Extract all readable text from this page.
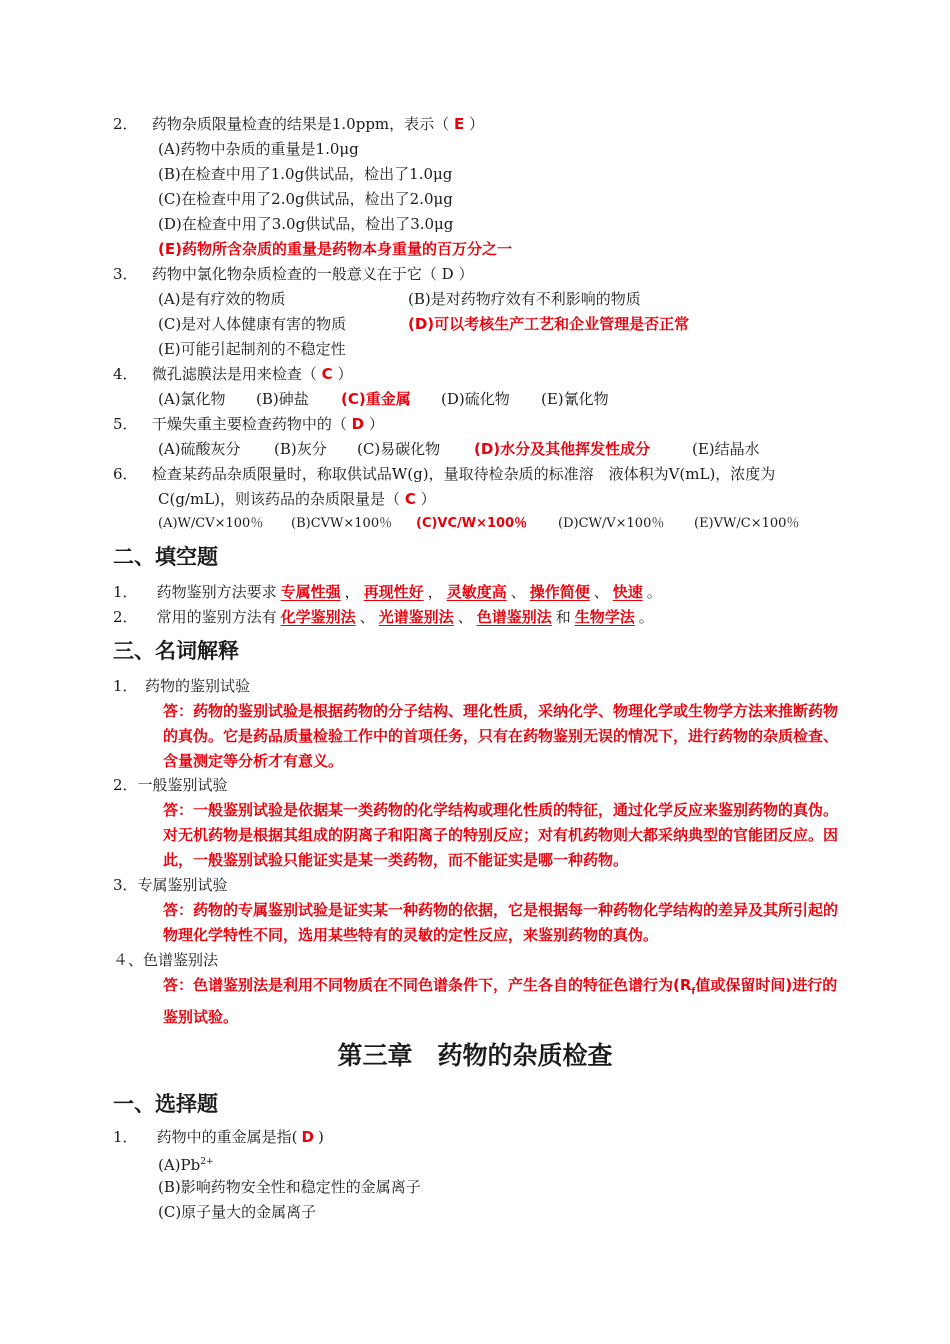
2． 药物杂质限量检查的结果是1.0ppm，表示（ E ）
(A)药物中杂质的重量是1.0μg
(B)在检查中用了1.0g供试品，检出了1.0μg
(C)在检查中用了2.0g供试品，检出了2.0μg
(D)在检查中用了3.0g供试品，检出了3.0μg
(E)药物所含杂质的重量是药物本身重量的百万分之一
3． 药物中氯化物杂质检查的一般意义在于它（ D ）
(A)是有疗效的物质	(B)是对药物疗效有不利影响的物质
(C)是对人体健康有害的物质	(D)可以考核生产工艺和企业管理是否正常
(E)可能引起制剂的不稳定性
4． 微孔滤膜法是用来检查（ C ）
(A)氯化物 (B)砷盐 (C)重金属 (D)硫化物 (E)氰化物
5． 干燥失重主要检查药物中的（ D ）
(A)硫酸灰分 (B)灰分 (C)易碳化物 (D)水分及其他挥发性成分	(E)结晶水
6． 检查某药品杂质限量时，称取供试品W(g)，量取待检杂质的标准溶　液体积为V(mL)，浓度为
C(g/mL)，则该药品的杂质限量是（ C ）
(A)W/CV×100％ (B)CVW×100％ (C)VC/W×100％ (D)CW/V×100％ (E)VW/C×100％
二、填空题
1． 药物鉴别方法要求 专属性强 ， 再现性好 ， 灵敏度高 、 操作简便 、 快速 。
2． 常用的鉴别方法有 化学鉴别法 、 光谱鉴别法 、 色谱鉴别法 和 生物学法 。
三、名词解释
1．　药物的鉴别试验
答：药物的鉴别试验是根据药物的分子结构、理化性质，采纳化学、物理化学或生物学方法来推断药物的真伪。它是药品质量检验工作中的首项任务，只有在药物鉴别无误的情况下，进行药物的杂质检查、含量测定等分析才有意义。
2．一般鉴别试验
答：一般鉴别试验是依据某一类药物的化学结构或理化性质的特征，通过化学反应来鉴别药物的真伪。对无机药物是根据其组成的阴离子和阳离子的特别反应；对有机药物则大都采纳典型的官能团反应。因此，一般鉴别试验只能证实是某一类药物，而不能证实是哪一种药物。
3．专属鉴别试验
答：药物的专属鉴别试验是证实某一种药物的依据，它是根据每一种药物化学结构的差异及其所引起的物理化学特性不同，选用某些特有的灵敏的定性反应，来鉴别药物的真伪。
４、色谱鉴别法
答：色谱鉴别法是利用不同物质在不同色谱条件下，产生各自的特征色谱行为($R_f$值或保留时间)进行的鉴别试验。
第三章　药物的杂质检查
一、选择题
1． 药物中的重金属是指( D )
$(A)Pb^{2+}$
(B)影响药物安全性和稳定性的金属离子
(C)原子量大的金属离子
